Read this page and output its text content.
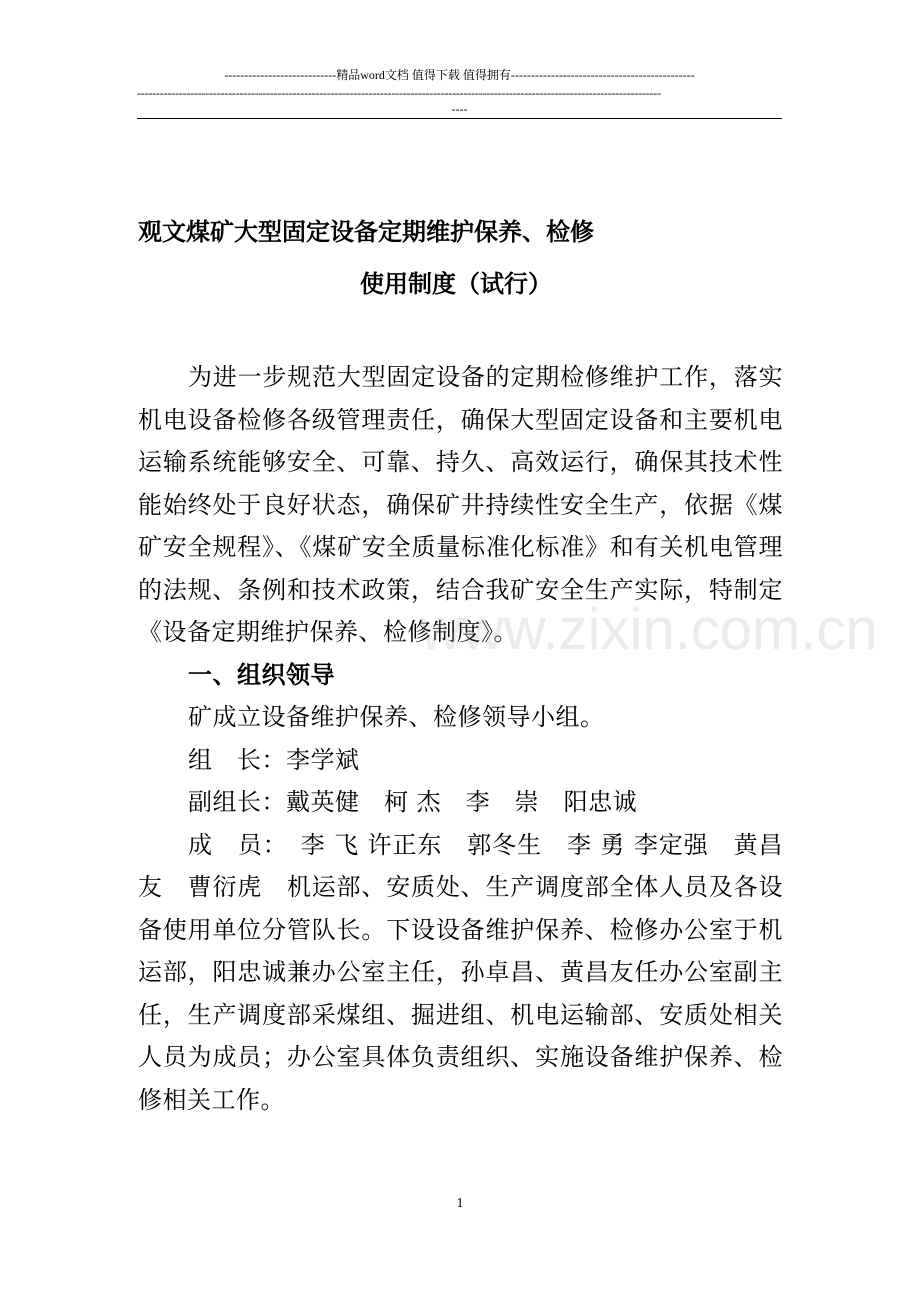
----------------------------精品word文档 值得下载 值得拥有----------------------------------------------
------------------------------------------------------------------------------------------------------------------------------------------
----
观文煤矿大型固定设备定期维护保养、检修
使用制度（试行）

为进一步规范大型固定设备的定期检修维护工作，落实机电设备检修各级管理责任，确保大型固定设备和主要机电运输系统能够安全、可靠、持久、高效运行，确保其技术性能始终处于良好状态，确保矿井持续性安全生产，依据《煤矿安全规程》、《煤矿安全质量标准化标准》和有关机电管理的法规、条例和技术政策，结合我矿安全生产实际，特制定《设备定期维护保养、检修制度》。

一、组织领导

矿成立设备维护保养、检修领导小组。

组　长：李学斌

副组长：戴英健　柯 杰　李　崇　阳忠诚

成　员：　李 飞 许正东　郭冬生　李 勇 李定强　黄昌友　曹衍虎　机运部、安质处、生产调度部全体人员及各设备使用单位分管队长。下设设备维护保养、检修办公室于机运部，阳忠诚兼办公室主任，孙卓昌、黄昌友任办公室副主任，生产调度部采煤组、掘进组、机电运输部、安质处相关人员为成员；办公室具体负责组织、实施设备维护保养、检修相关工作。

www.zixin.com.cn
1
